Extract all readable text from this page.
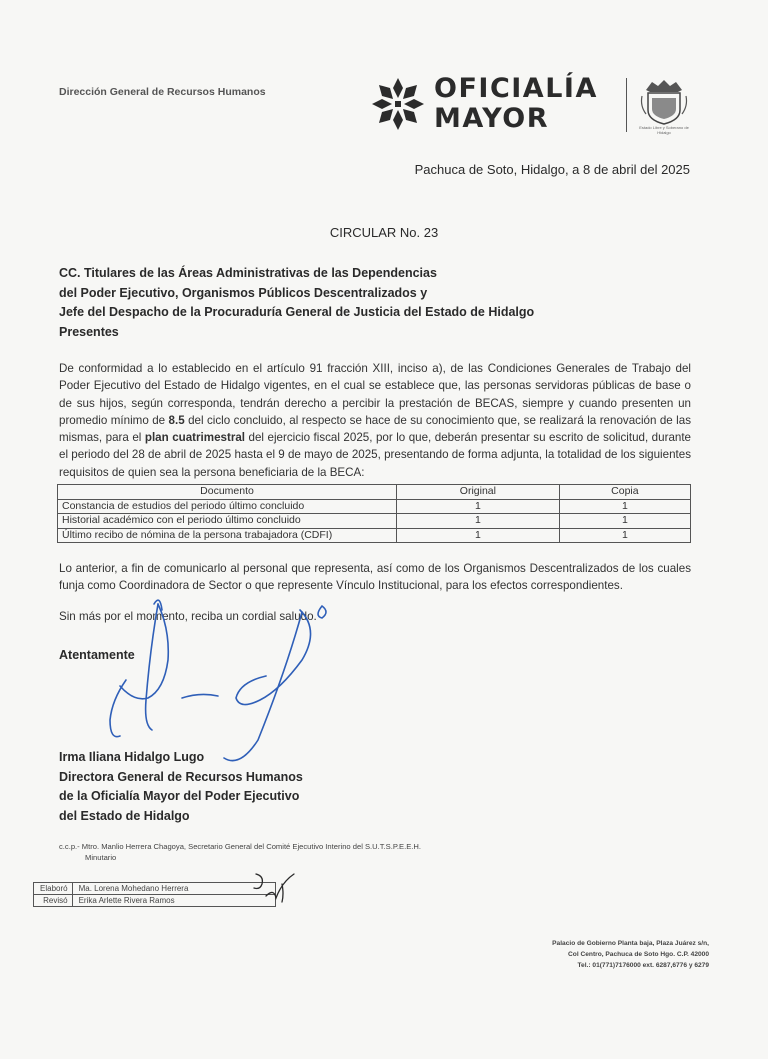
Dirección General de Recursos Humanos	OFICIALÍA
MAYOR	Estado Libre y Soberano de Hidalgo
Pachuca de Soto, Hidalgo, a 8 de abril del 2025
CIRCULAR No. 23
CC. Titulares de las Áreas Administrativas de las Dependencias
del Poder Ejecutivo, Organismos Públicos Descentralizados y
Jefe del Despacho de la Procuraduría General de Justicia del Estado de Hidalgo
Presentes
De conformidad a lo establecido en el artículo 91 fracción XIII, inciso a), de las Condiciones Generales de Trabajo del Poder Ejecutivo del Estado de Hidalgo vigentes, en el cual se establece que, las personas servidoras públicas de base o de sus hijos, según corresponda, tendrán derecho a percibir la prestación de BECAS, siempre y cuando presenten un promedio mínimo de 8.5 del ciclo concluido, al respecto se hace de su conocimiento que, se realizará la renovación de las mismas, para el plan cuatrimestral del ejercicio fiscal 2025, por lo que, deberán presentar su escrito de solicitud, durante el periodo del 28 de abril de 2025 hasta el 9 de mayo de 2025, presentando de forma adjunta, la totalidad de los siguientes requisitos de quien sea la persona beneficiaria de la BECA:
Documento	Original	Copia
Constancia de estudios del periodo último concluido	1	1
Historial académico con el periodo último concluido	1	1
Último recibo de nómina de la persona trabajadora (CDFI)	1	1
Lo anterior, a fin de comunicarlo al personal que representa, así como de los Organismos Descentralizados de los cuales funja como Coordinadora de Sector o que represente Vínculo Institucional, para los efectos correspondientes.
Sin más por el momento, reciba un cordial saludo.
Atentamente
Irma Iliana Hidalgo Lugo
Directora General de Recursos Humanos
de la Oficialía Mayor del Poder Ejecutivo
del Estado de Hidalgo
c.c.p.- Mtro. Manlio Herrera Chagoya, Secretario General del Comité Ejecutivo Interino del S.U.T.S.P.E.E.H.
Minutario
Elaboró	Ma. Lorena Mohedano Herrera
Revisó	Erika Arlette Rivera Ramos
Palacio de Gobierno Planta baja, Plaza Juárez s/n,
Col Centro, Pachuca de Soto Hgo. C.P. 42000
Tel.: 01(771)7176000 ext. 6287,6776 y 6279
